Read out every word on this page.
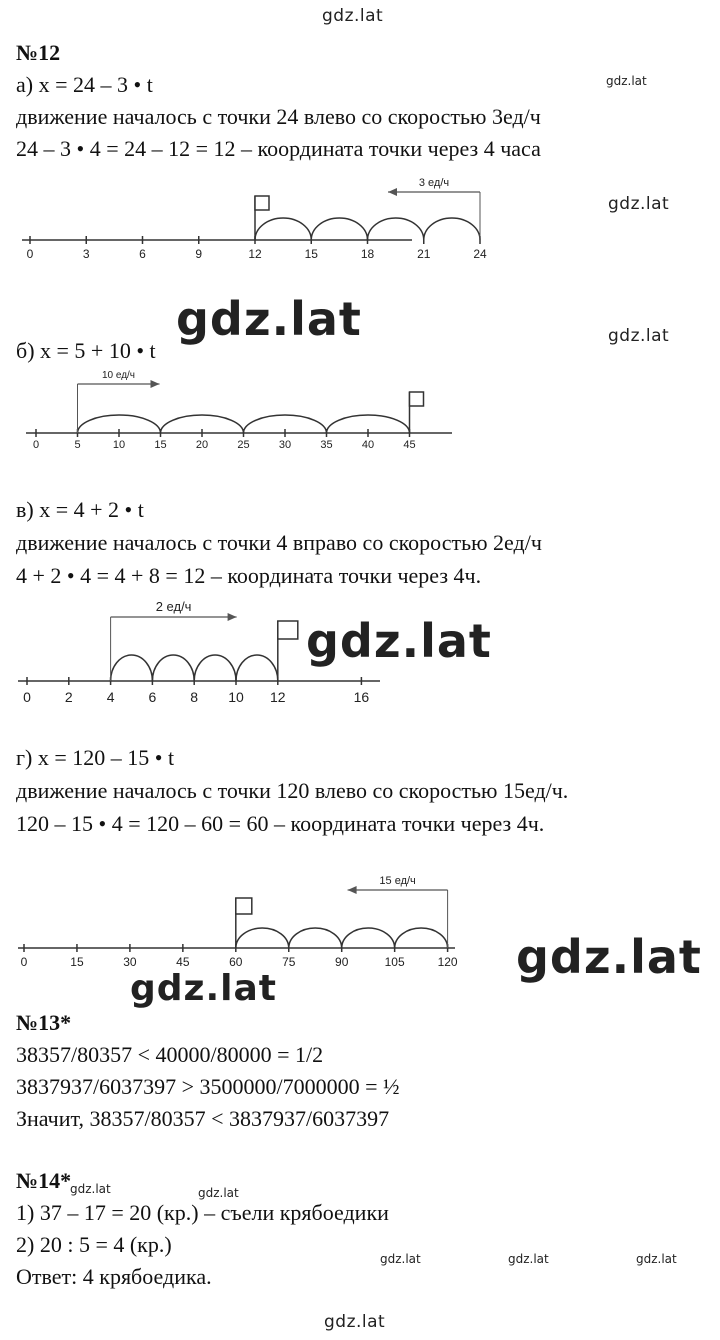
gdz.lat
gdz.lat
gdz.lat
gdz.lat	gdz.lat
gdz.lat
gdz.lat
gdz.lat
gdz.lat	gdz.lat
gdz.lat	gdz.lat	gdz.lat
gdz.lat
№12
а) x = 24 – 3 • t
движение началось с точки 24 влево со скоростью 3ед/ч
24 – 3 • 4 = 24 – 12 = 12 – координата точки через 4 часа
0	3	6	9	12	15	18	21	24
3 ед/ч
б) x = 5 + 10 • t
0	5	10	15	20	25	30	35	40	45
10 ед/ч
в) x = 4 + 2 • t
движение началось с точки 4 вправо со скоростью 2ед/ч
4 + 2 • 4 = 4 + 8 = 12 – координата точки через 4ч.
0 2 4 6 8 10 12	16
2 ед/ч
г) x = 120 – 15 • t
движение началось с точки 120 влево со скоростью 15ед/ч.
120 – 15 • 4 = 120 – 60 = 60 – координата точки через 4ч.
0	15	30	45	60	75	90	105	120
15 ед/ч
№13*
38357/80357 < 40000/80000 = 1/2
3837937/6037397 > 3500000/7000000 = ½
Значит, 38357/80357 < 3837937/6037397
№14*
1) 37 – 17 = 20 (кр.) – съели крябоедики
2) 20 : 5 = 4 (кр.)
Ответ: 4 крябоедика.
